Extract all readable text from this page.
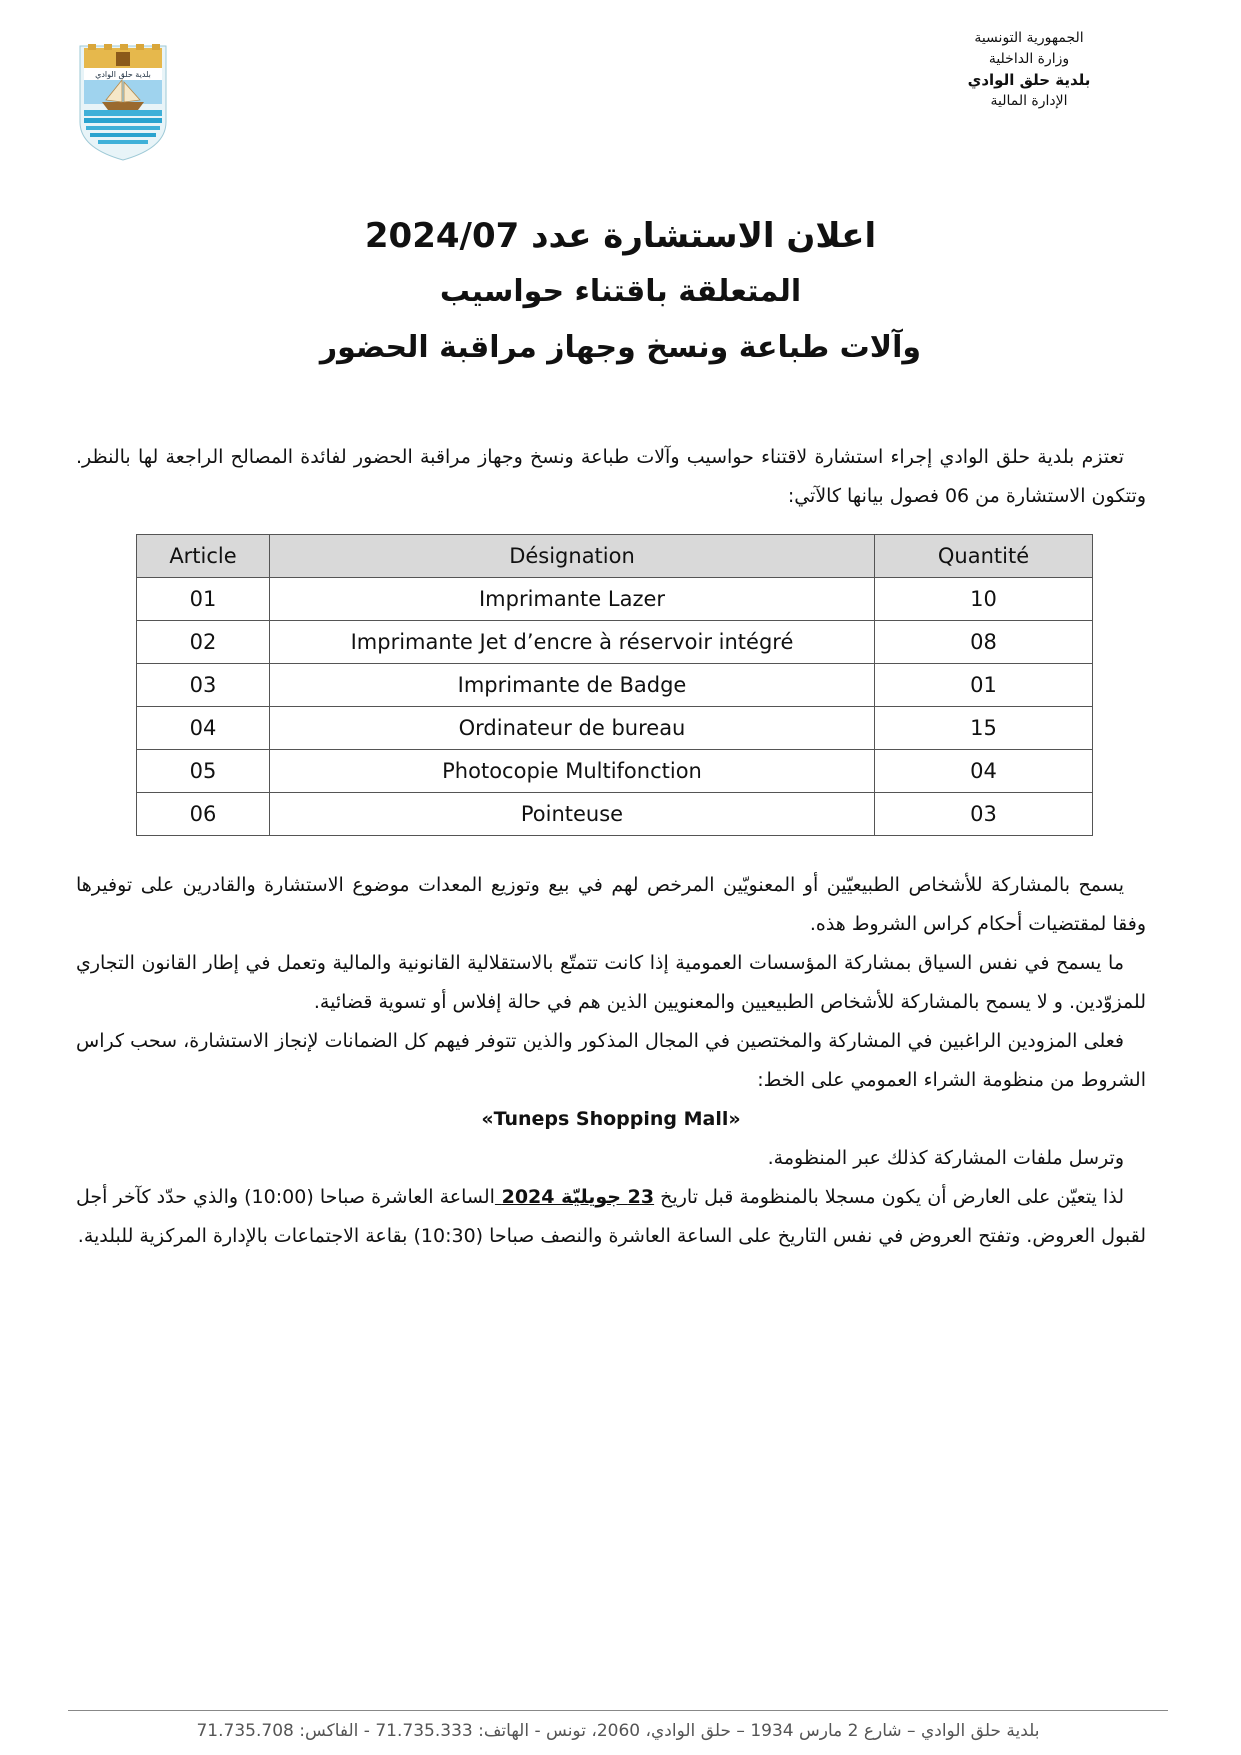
بلدية حلق الوادي
الجمهورية التونسية
وزارة الداخلية
بلدية حلق الوادي
الإدارة المالية
اعلان الاستشارة عدد 2024/07
المتعلقة باقتناء حواسيب
وآلات طباعة ونسخ وجهاز مراقبة الحضور
تعتزم بلدية حلق الوادي إجراء استشارة لاقتناء حواسيب وآلات طباعة ونسخ وجهاز مراقبة الحضور لفائدة المصالح الراجعة لها بالنظر. وتتكون الاستشارة من 06 فصول بيانها كالآتي:
Article	Désignation	Quantité
01	Imprimante Lazer	10
02	Imprimante Jet d’encre à réservoir intégré	08
03	Imprimante de Badge	01
04	Ordinateur de bureau	15
05	Photocopie Multifonction	04
06	Pointeuse	03
يسمح بالمشاركة للأشخاص الطبيعيّين أو المعنويّين المرخص لهم في بيع وتوزيع المعدات موضوع الاستشارة والقادرين على توفيرها وفقا لمقتضيات أحكام كراس الشروط هذه.
ما يسمح في نفس السياق بمشاركة المؤسسات العمومية إذا كانت تتمتّع بالاستقلالية القانونية والمالية وتعمل في إطار القانون التجاري للمزوّدين. و لا يسمح بالمشاركة للأشخاص الطبيعيين والمعنويين الذين هم في حالة إفلاس أو تسوية قضائية.
فعلى المزودين الراغبين في المشاركة والمختصين في المجال المذكور والذين تتوفر فيهم كل الضمانات لإنجاز الاستشارة، سحب كراس الشروط من منظومة الشراء العمومي على الخط:
«Tuneps Shopping Mall»
وترسل ملفات المشاركة كذلك عبر المنظومة.
لذا يتعيّن على العارض أن يكون مسجلا بالمنظومة قبل تاريخ 23 جويليّة 2024 الساعة العاشرة صباحا (10:00) والذي حدّد كآخر أجل لقبول العروض. وتفتح العروض في نفس التاريخ على الساعة العاشرة والنصف صباحا (10:30) بقاعة الاجتماعات بالإدارة المركزية للبلدية.
بلدية حلق الوادي – شارع 2 مارس 1934 – حلق الوادي، 2060، تونس - الهاتف: 71.735.333 - الفاكس: 71.735.708
